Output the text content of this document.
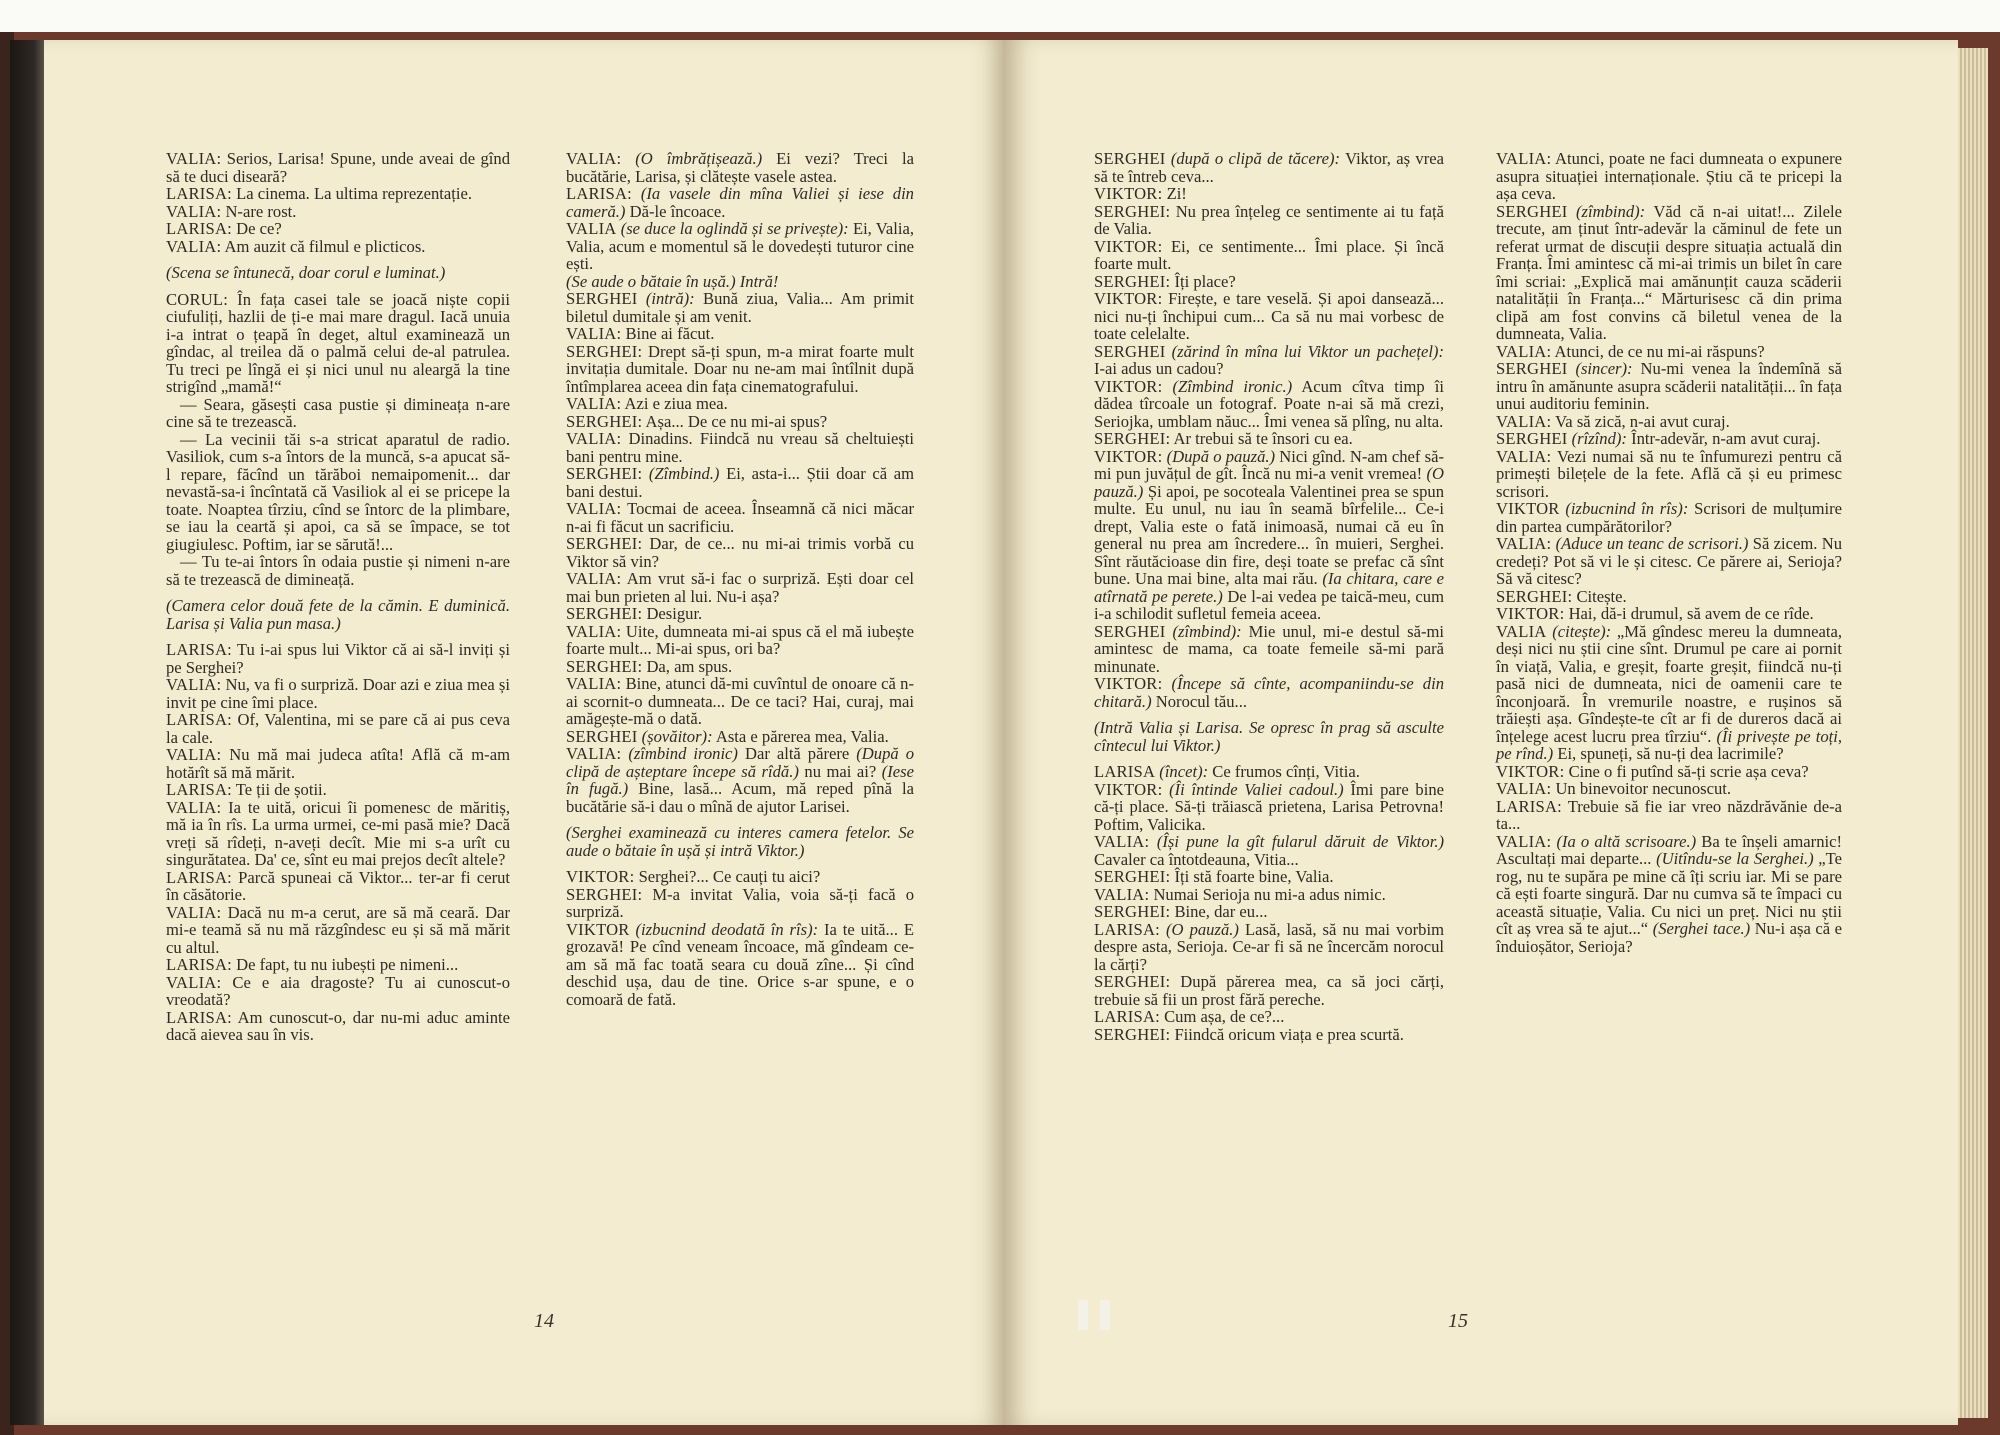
VALIA: Serios, Larisa! Spune, unde aveai de gînd să te duci diseară?

LARISA: La cinema. La ultima reprezentație.

VALIA: N-are rost.

LARISA: De ce?

VALIA: Am auzit că filmul e plicticos.

(Scena se întunecă, doar corul e luminat.)

CORUL: În fața casei tale se joacă niște copii ciufuliți, hazlii de ți-e mai mare dragul. Iacă unuia i-a intrat o țeapă în deget, altul examinează un gîndac, al treilea dă o palmă celui de-al patrulea. Tu treci pe lîngă ei și nici unul nu aleargă la tine strigînd „mamă!“

— Seara, găsești casa pustie și dimineața n-are cine să te trezească.

— La vecinii tăi s-a stricat aparatul de radio. Vasiliok, cum s-a întors de la muncă, s-a apucat să-l repare, făcînd un tărăboi nemaipomenit... dar nevastă-sa-i încîntată că Vasiliok al ei se pricepe la toate. Noaptea tîrziu, cînd se întorc de la plimbare, se iau la ceartă și apoi, ca să se împace, se tot giugiulesc. Poftim, iar se sărută!...

— Tu te-ai întors în odaia pustie și nimeni n-are să te trezească de dimineață.

(Camera celor două fete de la cămin. E duminică. Larisa și Valia pun masa.)

LARISA: Tu i-ai spus lui Viktor că ai să-l inviți și pe Serghei?

VALIA: Nu, va fi o surpriză. Doar azi e ziua mea și invit pe cine îmi place.

LARISA: Of, Valentina, mi se pare că ai pus ceva la cale.

VALIA: Nu mă mai judeca atîta! Află că m-am hotărît să mă mărit.

LARISA: Te ții de șotii.

VALIA: Ia te uită, oricui îi pomenesc de măritiș, mă ia în rîs. La urma urmei, ce-mi pasă mie? Dacă vreți să rîdeți, n-aveți decît. Mie mi s-a urît cu singurătatea. Da' ce, sînt eu mai prejos decît altele?

LARISA: Parcă spuneai că Viktor... ter-ar fi cerut în căsătorie.

VALIA: Dacă nu m-a cerut, are să mă ceară. Dar mi-e teamă să nu mă răzgîndesc eu și să mă mărit cu altul.

LARISA: De fapt, tu nu iubești pe nimeni...

VALIA: Ce e aia dragoste? Tu ai cunoscut-o vreodată?

LARISA: Am cunoscut-o, dar nu-mi aduc aminte dacă aievea sau în vis.

VALIA: (O îmbrățișează.) Ei vezi? Treci la bucătărie, Larisa, și clătește vasele astea.

LARISA: (Ia vasele din mîna Valiei și iese din cameră.) Dă-le încoace.

VALIA (se duce la oglindă și se privește): Ei, Valia, Valia, acum e momentul să le dovedești tuturor cine ești.

(Se aude o bătaie în ușă.) Intră!

SERGHEI (intră): Bună ziua, Valia... Am primit biletul dumitale și am venit.

VALIA: Bine ai făcut.

SERGHEI: Drept să-ți spun, m-a mirat foarte mult invitația dumitale. Doar nu ne-am mai întîlnit după întîmplarea aceea din fața cinematografului.

VALIA: Azi e ziua mea.

SERGHEI: Așa... De ce nu mi-ai spus?

VALIA: Dinadins. Fiindcă nu vreau să cheltuiești bani pentru mine.

SERGHEI: (Zîmbind.) Ei, asta-i... Știi doar că am bani destui.

VALIA: Tocmai de aceea. Înseamnă că nici măcar n-ai fi făcut un sacrificiu.

SERGHEI: Dar, de ce... nu mi-ai trimis vorbă cu Viktor să vin?

VALIA: Am vrut să-i fac o surpriză. Ești doar cel mai bun prieten al lui. Nu-i așa?

SERGHEI: Desigur.

VALIA: Uite, dumneata mi-ai spus că el mă iubește foarte mult... Mi-ai spus, ori ba?

SERGHEI: Da, am spus.

VALIA: Bine, atunci dă-mi cuvîntul de onoare că n-ai scornit-o dumneata... De ce taci? Hai, curaj, mai amăgește-mă o dată.

SERGHEI (șovăitor): Asta e părerea mea, Valia.

VALIA: (zîmbind ironic) Dar altă părere (După o clipă de așteptare începe să rîdă.) nu mai ai? (Iese în fugă.) Bine, lasă... Acum, mă reped pînă la bucătărie să-i dau o mînă de ajutor Larisei.

(Serghei examinează cu interes camera fetelor. Se aude o bătaie în ușă și intră Viktor.)

VIKTOR: Serghei?... Ce cauți tu aici?

SERGHEI: M-a invitat Valia, voia să-ți facă o surpriză.

VIKTOR (izbucnind deodată în rîs): Ia te uită... E grozavă! Pe cînd veneam încoace, mă gîndeam ce-am să mă fac toată seara cu două zîne... Și cînd deschid ușa, dau de tine. Orice s-ar spune, e o comoară de fată.

SERGHEI (după o clipă de tăcere): Viktor, aș vrea să te întreb ceva...

VIKTOR: Zi!

SERGHEI: Nu prea înțeleg ce sentimente ai tu față de Valia.

VIKTOR: Ei, ce sentimente... Îmi place. Și încă foarte mult.

SERGHEI: Îți place?

VIKTOR: Firește, e tare veselă. Și apoi dansează... nici nu-ți închipui cum... Ca să nu mai vorbesc de toate celelalte.

SERGHEI (zărind în mîna lui Viktor un pachețel): I-ai adus un cadou?

VIKTOR: (Zîmbind ironic.) Acum cîtva timp îi dădea tîrcoale un fotograf. Poate n-ai să mă crezi, Seriojka, umblam năuc... Îmi venea să plîng, nu alta.

SERGHEI: Ar trebui să te însori cu ea.

VIKTOR: (După o pauză.) Nici gînd. N-am chef să-mi pun juvățul de gît. Încă nu mi-a venit vremea! (O pauză.) Și apoi, pe socoteala Valentinei prea se spun multe. Eu unul, nu iau în seamă bîrfelile... Ce-i drept, Valia este o fată inimoasă, numai că eu în general nu prea am încredere... în muieri, Serghei. Sînt răutăcioase din fire, deși toate se prefac că sînt bune. Una mai bine, alta mai rău. (Ia chitara, care e atîrnată pe perete.) De l-ai vedea pe taică-meu, cum i-a schilodit sufletul femeia aceea.

SERGHEI (zîmbind): Mie unul, mi-e destul să-mi amintesc de mama, ca toate femeile să-mi pară minunate.

VIKTOR: (Începe să cînte, acompaniindu-se din chitară.) Norocul tău...

(Intră Valia și Larisa. Se opresc în prag să asculte cîntecul lui Viktor.)

LARISA (încet): Ce frumos cînți, Vitia.

VIKTOR: (Îi întinde Valiei cadoul.) Îmi pare bine că-ți place. Să-ți trăiască prietena, Larisa Petrovna! Poftim, Valicika.

VALIA: (Își pune la gît fularul dăruit de Viktor.) Cavaler ca întotdeauna, Vitia...

SERGHEI: Îți stă foarte bine, Valia.

VALIA: Numai Serioja nu mi-a adus nimic.

SERGHEI: Bine, dar eu...

LARISA: (O pauză.) Lasă, lasă, să nu mai vorbim despre asta, Serioja. Ce-ar fi să ne încercăm norocul la cărți?

SERGHEI: După părerea mea, ca să joci cărți, trebuie să fii un prost fără pereche.

LARISA: Cum așa, de ce?...

SERGHEI: Fiindcă oricum viața e prea scurtă.

VALIA: Atunci, poate ne faci dumneata o expunere asupra situației internaționale. Știu că te pricepi la așa ceva.

SERGHEI (zîmbind): Văd că n-ai uitat!... Zilele trecute, am ținut într-adevăr la căminul de fete un referat urmat de discuții despre situația actuală din Franța. Îmi amintesc că mi-ai trimis un bilet în care îmi scriai: „Explică mai amănunțit cauza scăderii natalității în Franța...“ Mărturisesc că din prima clipă am fost convins că biletul venea de la dumneata, Valia.

VALIA: Atunci, de ce nu mi-ai răspuns?

SERGHEI (sincer): Nu-mi venea la îndemînă să intru în amănunte asupra scăderii natalității... în fața unui auditoriu feminin.

VALIA: Va să zică, n-ai avut curaj.

SERGHEI (rîzînd): Într-adevăr, n-am avut curaj.

VALIA: Vezi numai să nu te înfumurezi pentru că primești bilețele de la fete. Află că și eu primesc scrisori.

VIKTOR (izbucnind în rîs): Scrisori de mulțumire din partea cumpărătorilor?

VALIA: (Aduce un teanc de scrisori.) Să zicem. Nu credeți? Pot să vi le și citesc. Ce părere ai, Serioja? Să vă citesc?

SERGHEI: Citește.

VIKTOR: Hai, dă-i drumul, să avem de ce rîde.

VALIA (citește): „Mă gîndesc mereu la dumneata, deși nici nu știi cine sînt. Drumul pe care ai pornit în viață, Valia, e greșit, foarte greșit, fiindcă nu-ți pasă nici de dumneata, nici de oamenii care te înconjoară. În vremurile noastre, e rușinos să trăiești așa. Gîndește-te cît ar fi de dureros dacă ai înțelege acest lucru prea tîrziu“. (Îi privește pe toți, pe rînd.) Ei, spuneți, să nu-ți dea lacrimile?

VIKTOR: Cine o fi putînd să-ți scrie așa ceva?

VALIA: Un binevoitor necunoscut.

LARISA: Trebuie să fie iar vreo năzdrăvănie de-a ta...

VALIA: (Ia o altă scrisoare.) Ba te înșeli amarnic! Ascultați mai departe... (Uitîndu-se la Serghei.) „Te rog, nu te supăra pe mine că îți scriu iar. Mi se pare că ești foarte singură. Dar nu cumva să te împaci cu această situație, Valia. Cu nici un preț. Nici nu știi cît aș vrea să te ajut...“ (Serghei tace.) Nu-i așa că e înduioșător, Serioja?

14	15
